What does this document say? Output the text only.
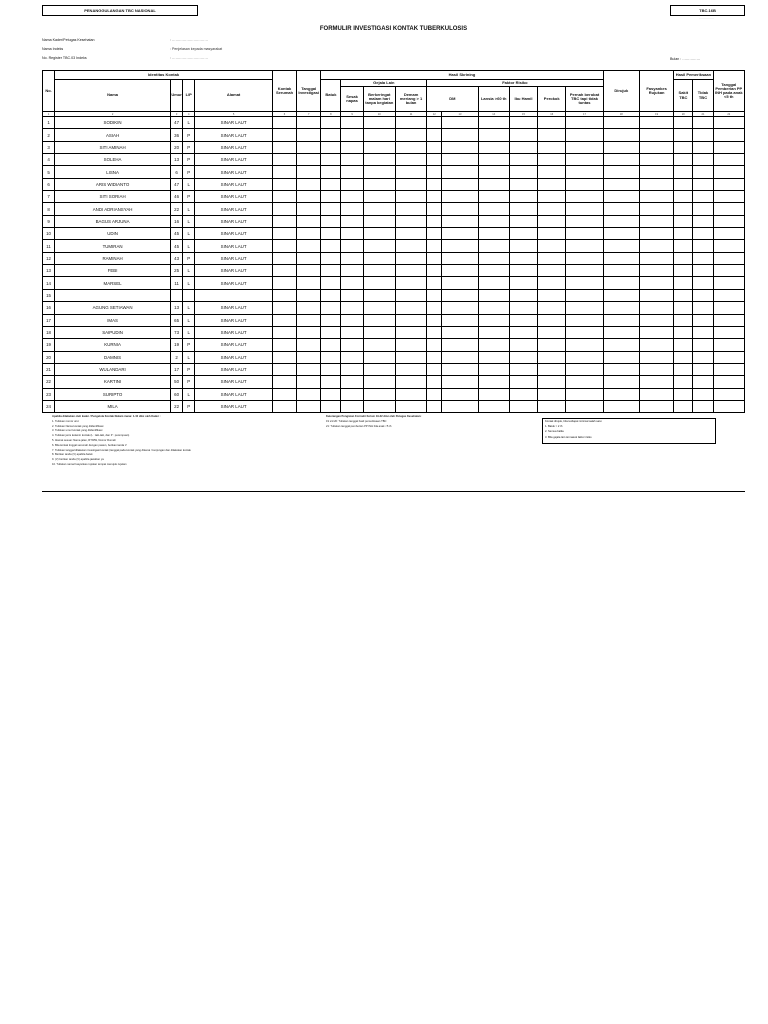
PENANGGULANGAN TBC NASIONAL	TBC.16B
……………
FORMULIR INVESTIGASI KONTAK TUBERKULOSIS
Nama Kader/Petugas Kesehatan	: …………………………
Nama Indeks	: Penjelasan kepada masyarakat
No. Register TBC.03 Indeks	: …………………………	Bulan : ……………
No.	Identitas Kontak				Kontak Serumah	Tanggal Investigasi	Hasil Skrining										Dirujuk	Fasyankes Rujukan	Hasil Pemeriksaan		Tanggal Pemberian PP INH pada anak <5 th
	Nama	Umur	L/P	Alamat			Batuk	Gejala Lain			Faktor Risiko								Sakit TBC	Tidak TBC	
								Sesak napas	Berkeringat malam hari tanpa kegiatan	Demam meriang > 1 bulan	DM		Lansia >60 th	Ibu Hamil	Perokok	Pernah berobat TBC tapi tidak tuntas					
1	2	3	4	5	6	7	8	9	10	11	12	13	14	15	16	17	18	19	20	21	22
1	SODIKIN	47	L	SINAR LAUT																	
2	ASIAH	36	P	SINAR LAUT																	
3	SITI AMINAH	20	P	SINAR LAUT																	
4	SOLEHA	13	P	SINAR LAUT																	
5	LISNA	6	P	SINAR LAUT																	
6	ARIS WIDIANTO	47	L	SINAR LAUT																	
7	SITI SORIAH	46	P	SINAR LAUT																	
8	ANDI ADRIANSYAH	22	L	SINAR LAUT																	
9	BAGUS ARJUNA	16	L	SINAR LAUT																	
10	UDIN	45	L	SINAR LAUT																	
11	TUMIRAN	45	L	SINAR LAUT																	
12	RAMINAH	43	P	SINAR LAUT																	
13	FEBI	25	L	SINAR LAUT																	
14	MARSEL	11	L	SINAR LAUT																	
15																					
16	AGUNG SETIAWAN	13	L	SINAR LAUT																	
17	IMAS	65	L	SINAR LAUT																	
18	SAIPUDIN	73	L	SINAR LAUT																	
19	KURNIA	19	P	SINAR LAUT																	
20	DAMNIS	2	L	SINAR LAUT																	
21	WULANDARI	17	P	SINAR LAUT																	
22	KARTINI	50	P	SINAR LAUT																	
23	SURIPTO	60	L	SINAR LAUT																	
24	MILA	22	P	SINAR LAUT																	
Apabila dilakukan oleh kader / Pengelola Kontak Rekam mana: 1-10 diisi oleh Kader :
1. Tuliskan nomor urut
2. Tuliskan Nama kontak yang diidentifikasi
3. Tuliskan umur kontak yang diidentifikasi
4. Tuliskan jenis kelamin kontak (L : laki-laki, dan P : perempuan)
5. Alamat sesuai: Nama jalan, RT/RW, Nomor Rumah
6. Bila kontak tinggal serumah dengan pasien, berikan tanda V
7. Tuliskan tanggal dilakukan investigasi kontak (tanggal pada kontak yang dikenai / kunjungan dan dilakukan kontak
8. Berikan tanda (V) apabila batuk
9. (V) berikan tanda (V) apabila jawaban ya
10. Tuliskan nama Fasyankes rujukan tempat menujuk rujukan
Keterangan Pengisian Formulir Kolom 19-22 diisi oleh Petugas Kesehatan:
19 s/d 20: Tuliskan tanggal hasil pemeriksaan TBC
21: Tuliskan tanggal pemberian PP INH bila anak <5 th
Kontak dirujuk, bila terdapat minimal salah satu:
1. Batuk > 2 th
2. Semua balita
3. Bila gejala lain termasuk faktor risiko
